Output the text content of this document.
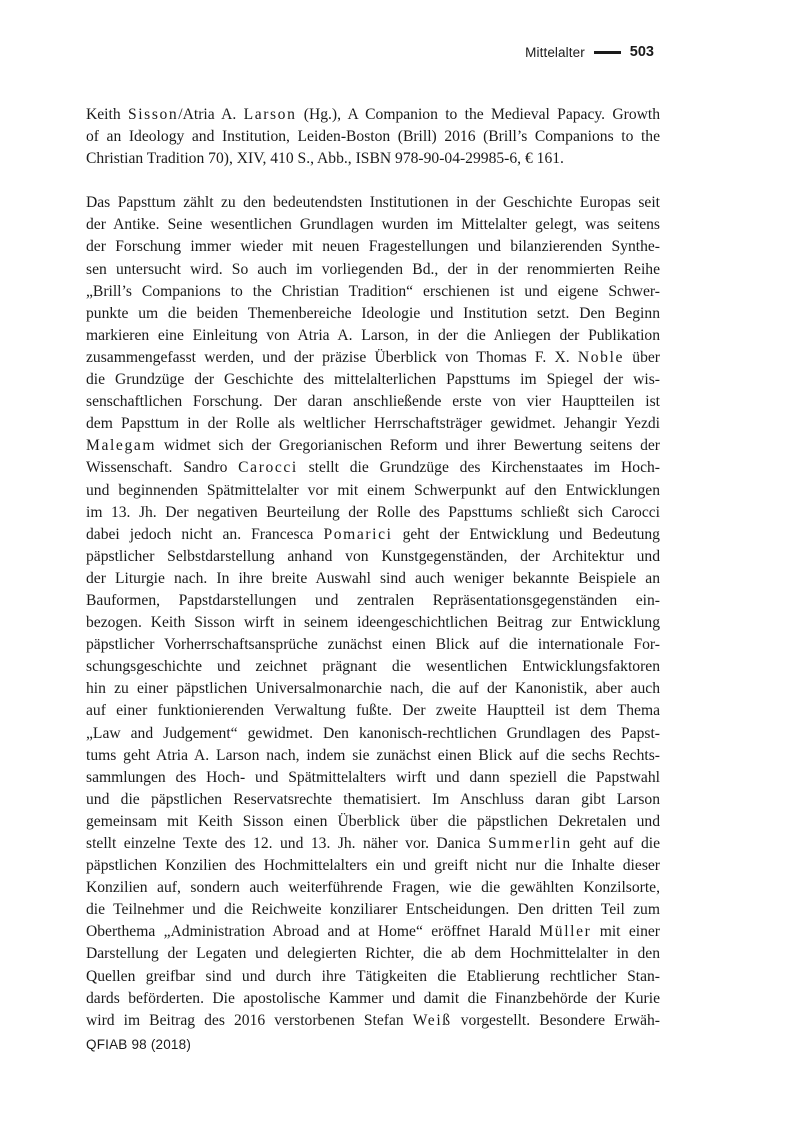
Mittelalter	503
Keith Sisson/Atria A. Larson (Hg.), A Companion to the Medieval Papacy. Growth
of an Ideology and Institution, Leiden-Boston (Brill) 2016 (Brill’s Companions to the
Christian Tradition 70), XIV, 410 S., Abb., ISBN 978-90-04-29985-6, € 161.
Das Papsttum zählt zu den bedeutendsten Institutionen in der Geschichte Europas seit
der Antike. Seine wesentlichen Grundlagen wurden im Mittelalter gelegt, was seitens
der Forschung immer wieder mit neuen Fragestellungen und bilanzierenden Synthe-
sen untersucht wird. So auch im vorliegenden Bd., der in der renommierten Reihe
„Brill’s Companions to the Christian Tradition“ erschienen ist und eigene Schwer-
punkte um die beiden Themenbereiche Ideologie und Institution setzt. Den Beginn
markieren eine Einleitung von Atria A. Larson, in der die Anliegen der Publikation
zusammengefasst werden, und der präzise Überblick von Thomas F. X. Noble über
die Grundzüge der Geschichte des mittelalterlichen Papsttums im Spiegel der wis-
senschaftlichen Forschung. Der daran anschließende erste von vier Hauptteilen ist
dem Papsttum in der Rolle als weltlicher Herrschaftsträger gewidmet. Jehangir Yezdi
Malegam widmet sich der Gregorianischen Reform und ihrer Bewertung seitens der
Wissenschaft. Sandro Carocci stellt die Grundzüge des Kirchenstaates im Hoch-
und beginnenden Spätmittelalter vor mit einem Schwerpunkt auf den Entwicklungen
im 13. Jh. Der negativen Beurteilung der Rolle des Papsttums schließt sich Carocci
dabei jedoch nicht an. Francesca Pomarici geht der Entwicklung und Bedeutung
päpstlicher Selbstdarstellung anhand von Kunstgegenständen, der Architektur und
der Liturgie nach. In ihre breite Auswahl sind auch weniger bekannte Beispiele an
Bauformen, Papstdarstellungen und zentralen Repräsentationsgegenständen ein-
bezogen. Keith Sisson wirft in seinem ideengeschichtlichen Beitrag zur Entwicklung
päpstlicher Vorherrschaftsansprüche zunächst einen Blick auf die internationale For-
schungsgeschichte und zeichnet prägnant die wesentlichen Entwicklungsfaktoren
hin zu einer päpstlichen Universalmonarchie nach, die auf der Kanonistik, aber auch
auf einer funktionierenden Verwaltung fußte. Der zweite Hauptteil ist dem Thema
„Law and Judgement“ gewidmet. Den kanonisch-rechtlichen Grundlagen des Papst-
tums geht Atria A. Larson nach, indem sie zunächst einen Blick auf die sechs Rechts-
sammlungen des Hoch- und Spätmittelalters wirft und dann speziell die Papstwahl
und die päpstlichen Reservatsrechte thematisiert. Im Anschluss daran gibt Larson
gemeinsam mit Keith Sisson einen Überblick über die päpstlichen Dekretalen und
stellt einzelne Texte des 12. und 13. Jh. näher vor. Danica Summerlin geht auf die
päpstlichen Konzilien des Hochmittelalters ein und greift nicht nur die Inhalte dieser
Konzilien auf, sondern auch weiterführende Fragen, wie die gewählten Konzilsorte,
die Teilnehmer und die Reichweite konziliarer Entscheidungen. Den dritten Teil zum
Oberthema „Administration Abroad and at Home“ eröffnet Harald Müller mit einer
Darstellung der Legaten und delegierten Richter, die ab dem Hochmittelalter in den
Quellen greifbar sind und durch ihre Tätigkeiten die Etablierung rechtlicher Stan-
dards beförderten. Die apostolische Kammer und damit die Finanzbehörde der Kurie
wird im Beitrag des 2016 verstorbenen Stefan Weiß vorgestellt. Besondere Erwäh-
QFIAB 98 (2018)
